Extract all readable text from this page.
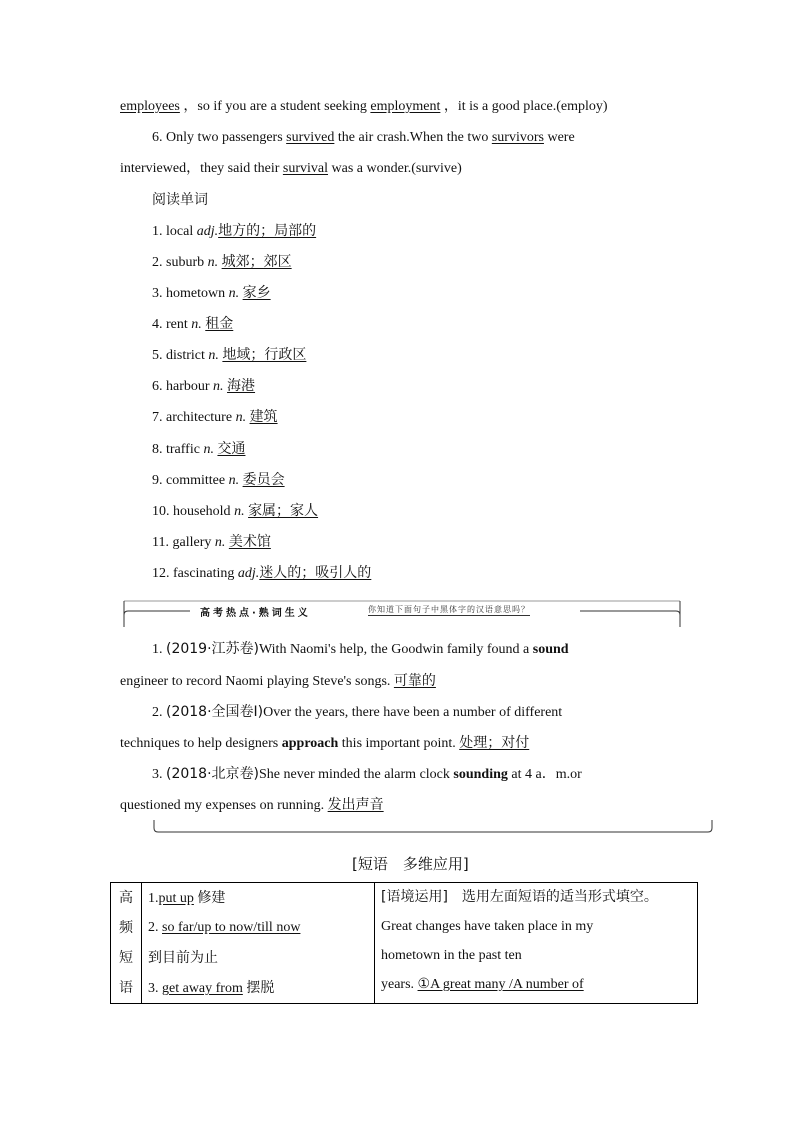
employees ，so if you are a student seeking employment ，it is a good place.(employ)
6. Only two passengers survived the air crash.When the two survivors were
interviewed，they said their survival was a wonder.(survive)
阅读单词
1. local adj.地方的；局部的
2. suburb n. 城郊；郊区
3. hometown n. 家乡
4. rent n. 租金
5. district n. 地域；行政区
6. harbour n. 海港
7. architecture n. 建筑
8. traffic n. 交通
9. committee n. 委员会
10. household n. 家属；家人
11. gallery n. 美术馆
12. fascinating adj.迷人的；吸引人的
高考热点·熟词生义	你知道下面句子中黑体字的汉语意思吗？
1. (2019·江苏卷)With Naomi's help, the Goodwin family found a sound
engineer to record Naomi playing Steve's songs. 可靠的
2. (2018·全国卷Ⅰ)Over the years, there have been a number of different
techniques to help designers approach this important point. 处理；对付
3. (2018·北京卷)She never minded the alarm clock sounding at 4 a．m.or
questioned my expenses on running. 发出声音
[短语　多维应用]
高
频
短
语

1.put up 修建
2. so far/up to now/till now
到目前为止
3. get away from 摆脱

[语境运用]　选用左面短语的适当形式填空。
Great changes have taken place in my
hometown in the past ten
years. ①A great many /A number of
